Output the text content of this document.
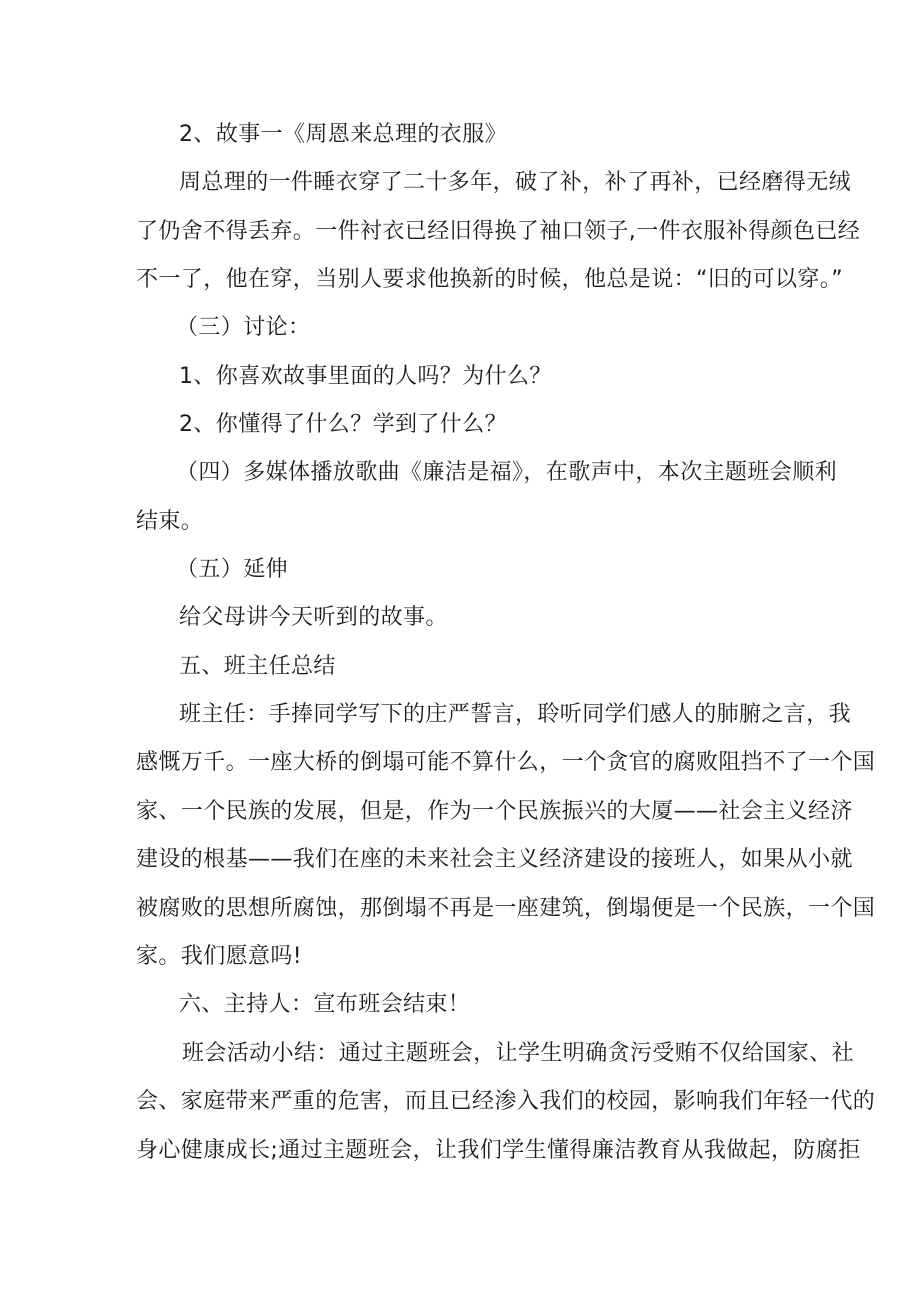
2、故事一《周恩来总理的衣服》
周总理的一件睡衣穿了二十多年，破了补，补了再补，已经磨得无绒
了仍舍不得丢弃。一件衬衣已经旧得换了袖口领子,一件衣服补得颜色已经
不一了，他在穿，当别人要求他换新的时候，他总是说：“旧的可以穿。”
（三）讨论：
1、你喜欢故事里面的人吗？为什么？
2、你懂得了什么？学到了什么？
（四）多媒体播放歌曲《廉洁是福》，在歌声中，本次主题班会顺利
结束。
（五）延伸
给父母讲今天听到的故事。
五、班主任总结
班主任：手捧同学写下的庄严誓言，聆听同学们感人的肺腑之言，我
感慨万千。一座大桥的倒塌可能不算什么，一个贪官的腐败阻挡不了一个国
家、一个民族的发展，但是，作为一个民族振兴的大厦——社会主义经济
建设的根基——我们在座的未来社会主义经济建设的接班人，如果从小就
被腐败的思想所腐蚀，那倒塌不再是一座建筑，倒塌便是一个民族，一个国
家。我们愿意吗!
六、主持人：宣布班会结束！
班会活动小结：通过主题班会，让学生明确贪污受贿不仅给国家、社
会、家庭带来严重的危害，而且已经渗入我们的校园，影响我们年轻一代的
身心健康成长;通过主题班会，让我们学生懂得廉洁教育从我做起，防腐拒
